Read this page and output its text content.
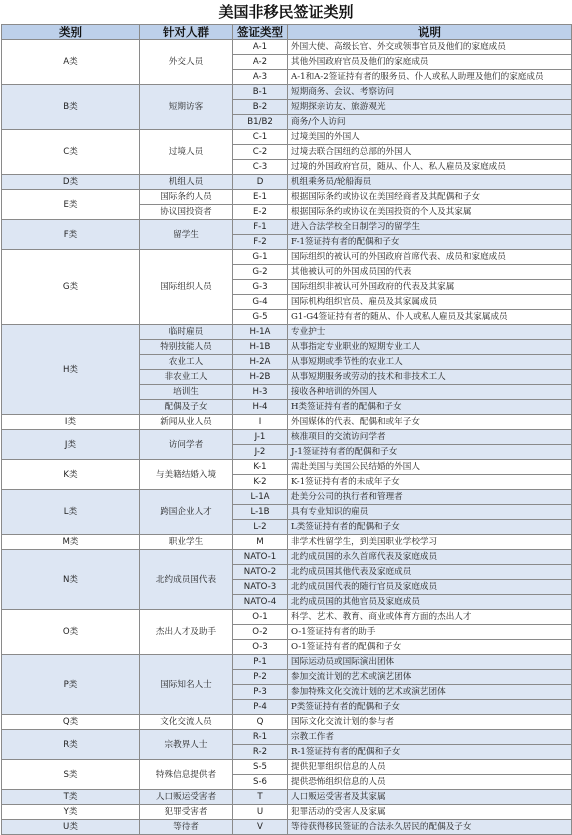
美国非移民签证类别
类别	针对人群	签证类型	说明
A类	外交人员	A-1	外国大使、高级长官、外交或领事官员及他们的家庭成员
		A-2	其他外国政府官员及他们的家庭成员
		A-3	A-1和A-2签证持有者的服务员、仆人或私人助理及他们的家庭成员
B类	短期访客	B-1	短期商务、会议、考察访问
		B-2	短期探亲访友、旅游观光
		B1/B2	商务/个人访问
C类	过境人员	C-1	过境美国的外国人
		C-2	过境去联合国纽约总部的外国人
		C-3	过境的外国政府官员，随从、仆人、私人雇员及家庭成员
D类	机组人员	D	机组乘务员/轮船海员
E类	国际条约人员	E-1	根据国际条约或协议在美国经商者及其配偶和子女
	协议国投资者	E-2	根据国际条约或协议在美国投资的个人及其家属
F类	留学生	F-1	进入合法学校全日制学习的留学生
		F-2	F-1签证持有者的配偶和子女
G类	国际组织人员	G-1	国际组织的被认可的外国政府首席代表、成员和家庭成员
		G-2	其他被认可的外国成员国的代表
		G-3	国际组织非被认可外国政府的代表及其家属
		G-4	国际机构组织官员、雇员及其家属成员
		G-5	G1-G4签证持有者的随从、仆人或私人雇员及其家属成员
H类	临时雇员	H-1A	专业护士
	特别技能人员	H-1B	从事指定专业职业的短期专业工人
	农业工人	H-2A	从事短期或季节性的农业工人
	非农业工人	H-2B	从事短期服务或劳动的技术和非技术工人
	培训生	H-3	接收各种培训的外国人
	配偶及子女	H-4	H类签证持有者的配偶和子女
I类	新闻从业人员	I	外国媒体的代表、配偶和或年子女
J类	访问学者	J-1	核准项目的交流访问学者
		J-2	J-1签证持有者的配偶和子女
K类	与美籍结婚入境	K-1	需赴美国与美国公民结婚的外国人
		K-2	K-1签证持有者的未成年子女
L类	跨国企业人才	L-1A	赴美分公司的执行者和管理者
		L-1B	具有专业知识的雇员
		L-2	L类签证持有者的配偶和子女
M类	职业学生	M	非学术性留学生，到美国职业学校学习
N类	北约成员国代表	NATO-1	北约成员国的永久首席代表及家庭成员
		NATO-2	北约成员国其他代表及家庭成员
		NATO-3	北约成员国代表的随行官员及家庭成员
		NATO-4	北约成员国的其他官员及家庭成员
O类	杰出人才及助手	O-1	科学、艺术、教育、商业或体育方面的杰出人才
		O-2	O-1签证持有者的助手
		O-3	O-1签证持有者的配偶和子女
P类	国际知名人士	P-1	国际运动员或国际演出团体
		P-2	参加交流计划的艺术或演艺团体
		P-3	参加特殊文化交流计划的艺术或演艺团体
		P-4	P类签证持有者的配偶和子女
Q类	文化交流人员	Q	国际文化交流计划的参与者
R类	宗教界人士	R-1	宗教工作者
		R-2	R-1签证持有者的配偶和子女
S类	特殊信息提供者	S-5	提供犯罪组织信息的人员
		S-6	提供恐怖组织信息的人员
T类	人口贩运受害者	T	人口贩运受害者及其家属
Y类	犯罪受害者	U	犯罪活动的受害人及家属
U类	等待者	V	等待获得移民签证的合法永久居民的配偶及子女
